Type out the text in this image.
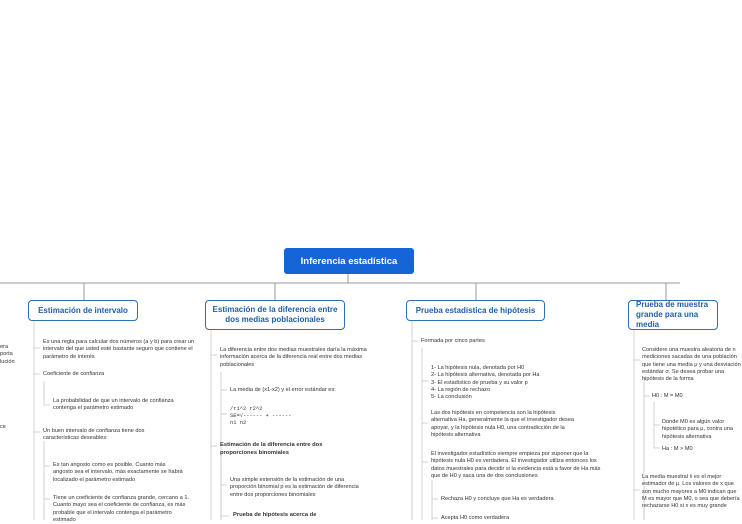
Inferencia estadística
era
porta
lución
ce
Estimación de intervalo
Es una regla para calcular dos números (a y b) para crear un intervalo del que usted esté bastante seguro que contiene el parámetro de interés
Coeficiente de confianza
La probabilidad de que un intervalo de confianza contenga el parámetro estimado
Un buen intervalo de confianza tiene dos características deseables:
Es tan angosto como es posible. Cuanto más angosto sea el intervalo, más exactamente se habrá localizado el parámetro estimado
Tiene un coeficiente de confianza grande, cercano a 1. Cuanto mayo sea el coeficiente de confianza, es más probable que el intervalo contenga el parámetro estimado
Estimación de la diferencia entre dos medias poblacionales
La diferencia entre dos medias muestrales daría la máxima información acerca de la diferencia real entre dos medias poblacionales
La media de (x1-x2) y el error estándar es:
/r1^2 r2^2
SE=√------ + ------
n1 n2
Estimación de la diferencia entre dos proporciones binomiales
Una simple extensión de la estimación de una proporción binomial p es la estimación de diferencia entre dos proporciones binomiales
Prueba de hipótesis acerca de
Prueba estadística de hipótesis
Formada por cinco partes
1- La hipótesis nula, denotada por H0
2- La hipótesis alternativa, denotada por Ha
3- El estadístico de prueba y su valor p
4- La región de rechazo
5- La conclusión
Las dos hipótesis en competencia son la hipótesis alternativa Ha, generalmente la que el investigador desea apoyar, y la hipótesis nula H0, una contradicción de la hipótesis alternativa
El investigador estadístico siempre empieza por suponer que la hipótesis nula H0 es verdadera. El investigador utiliza entonces los datos muestrales para decidir si la evidencia está a favor de Ha más que de H0 y saca una de dos conclusiones
Rechaza H0 y concluye que Ha es verdadera
Acepta H0 como verdadera
Prueba de muestra grande para una media
Considere una muestra aleatoria de n mediciones sacadas de una población que tiene una media μ y una desviación estándar σ. Se desea probar una hipótesis de la forma
H0 : M = M0
Donde M0 es algún valor hipotético para μ, contra una hipótesis alternativa
Ha : M > M0
La media muestral x̄ es el mejor estimador de μ. Los valores de x que son mucho mayores a M0 indican que M es mayor que M0, o sea que debería rechazarse H0 si x es muy grande
